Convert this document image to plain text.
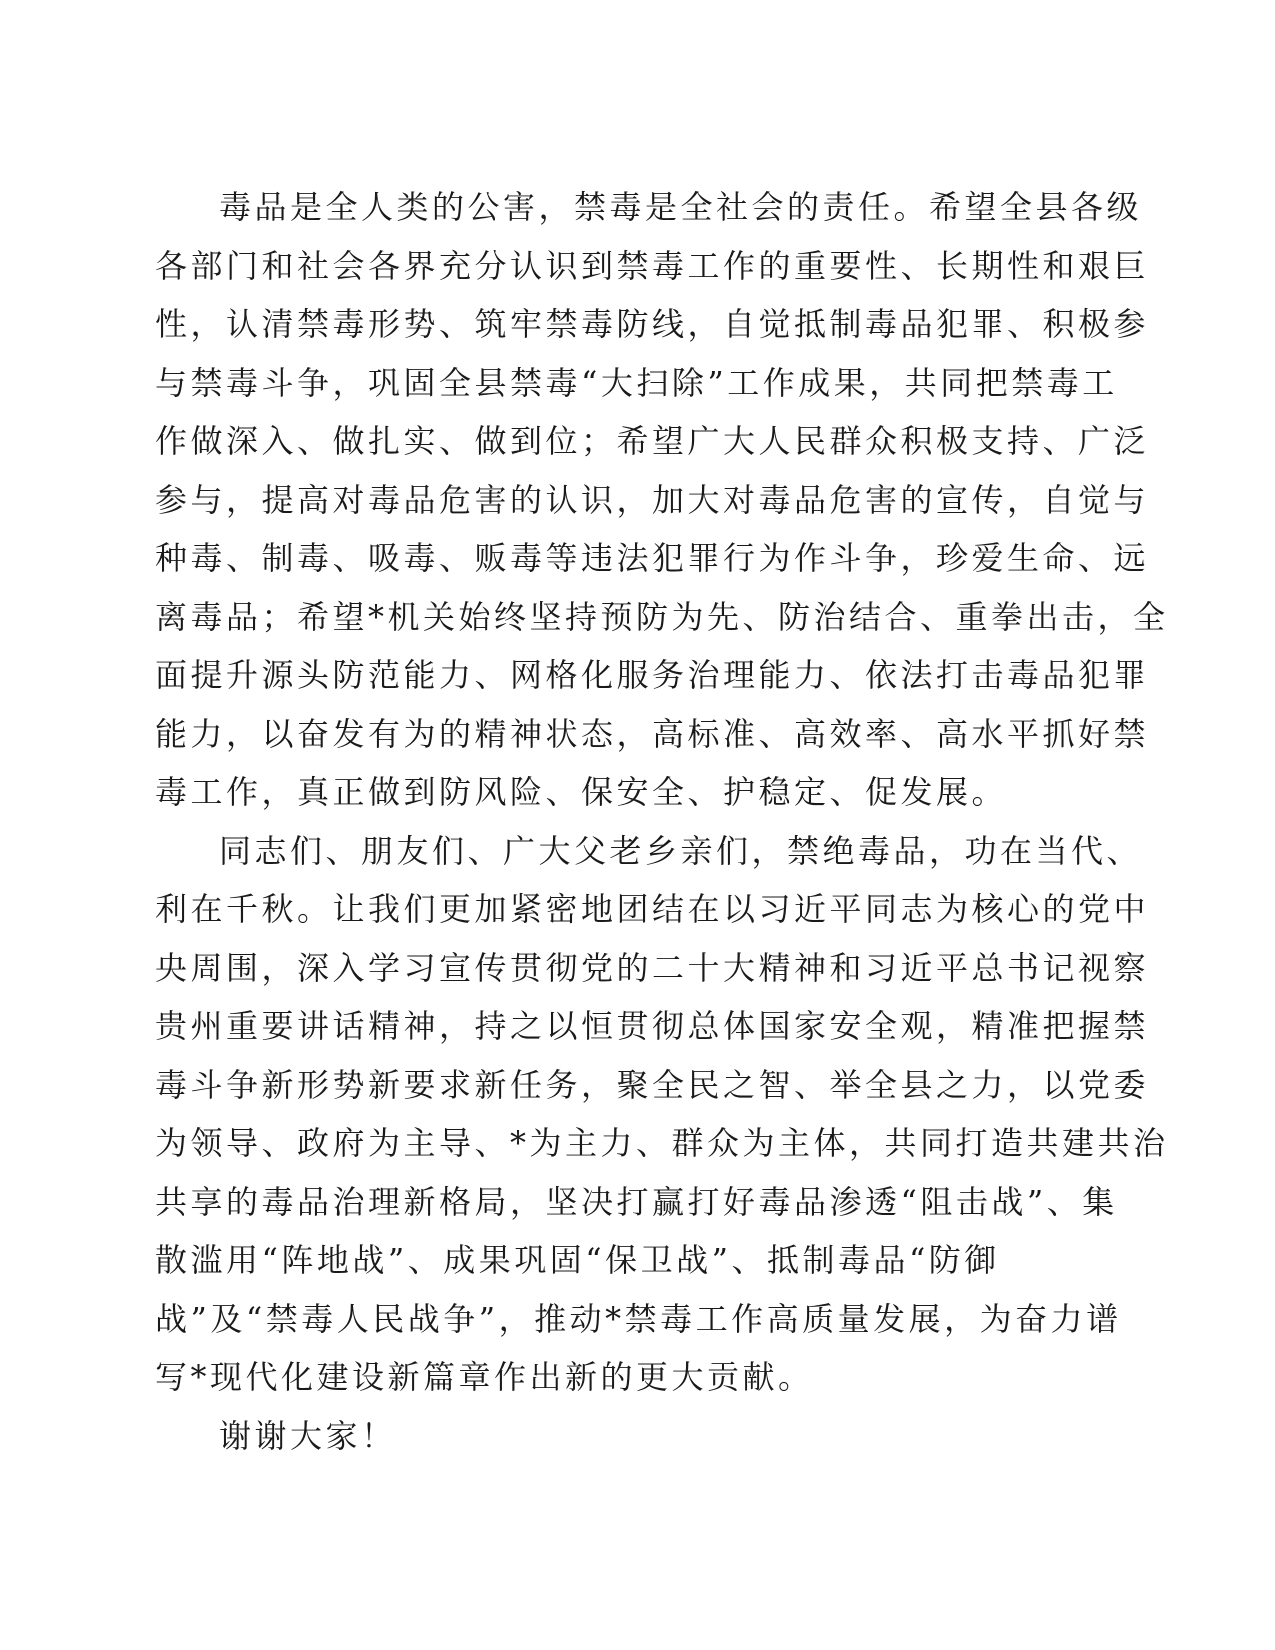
毒品是全人类的公害，禁毒是全社会的责任。希望全县各级
各部门和社会各界充分认识到禁毒工作的重要性、长期性和艰巨
性，认清禁毒形势、筑牢禁毒防线，自觉抵制毒品犯罪、积极参
与禁毒斗争，巩固全县禁毒“大扫除”工作成果，共同把禁毒工
作做深入、做扎实、做到位；希望广大人民群众积极支持、广泛
参与，提高对毒品危害的认识，加大对毒品危害的宣传，自觉与
种毒、制毒、吸毒、贩毒等违法犯罪行为作斗争，珍爱生命、远
离毒品；希望*机关始终坚持预防为先、防治结合、重拳出击，全
面提升源头防范能力、网格化服务治理能力、依法打击毒品犯罪
能力，以奋发有为的精神状态，高标准、高效率、高水平抓好禁
毒工作，真正做到防风险、保安全、护稳定、促发展。

同志们、朋友们、广大父老乡亲们，禁绝毒品，功在当代、
利在千秋。让我们更加紧密地团结在以习近平同志为核心的党中
央周围，深入学习宣传贯彻党的二十大精神和习近平总书记视察
贵州重要讲话精神，持之以恒贯彻总体国家安全观，精准把握禁
毒斗争新形势新要求新任务，聚全民之智、举全县之力，以党委
为领导、政府为主导、*为主力、群众为主体，共同打造共建共治
共享的毒品治理新格局，坚决打赢打好毒品渗透“阻击战”、集
散滥用“阵地战”、成果巩固“保卫战”、抵制毒品“防御
战”及“禁毒人民战争”，推动*禁毒工作高质量发展，为奋力谱
写*现代化建设新篇章作出新的更大贡献。

谢谢大家！
